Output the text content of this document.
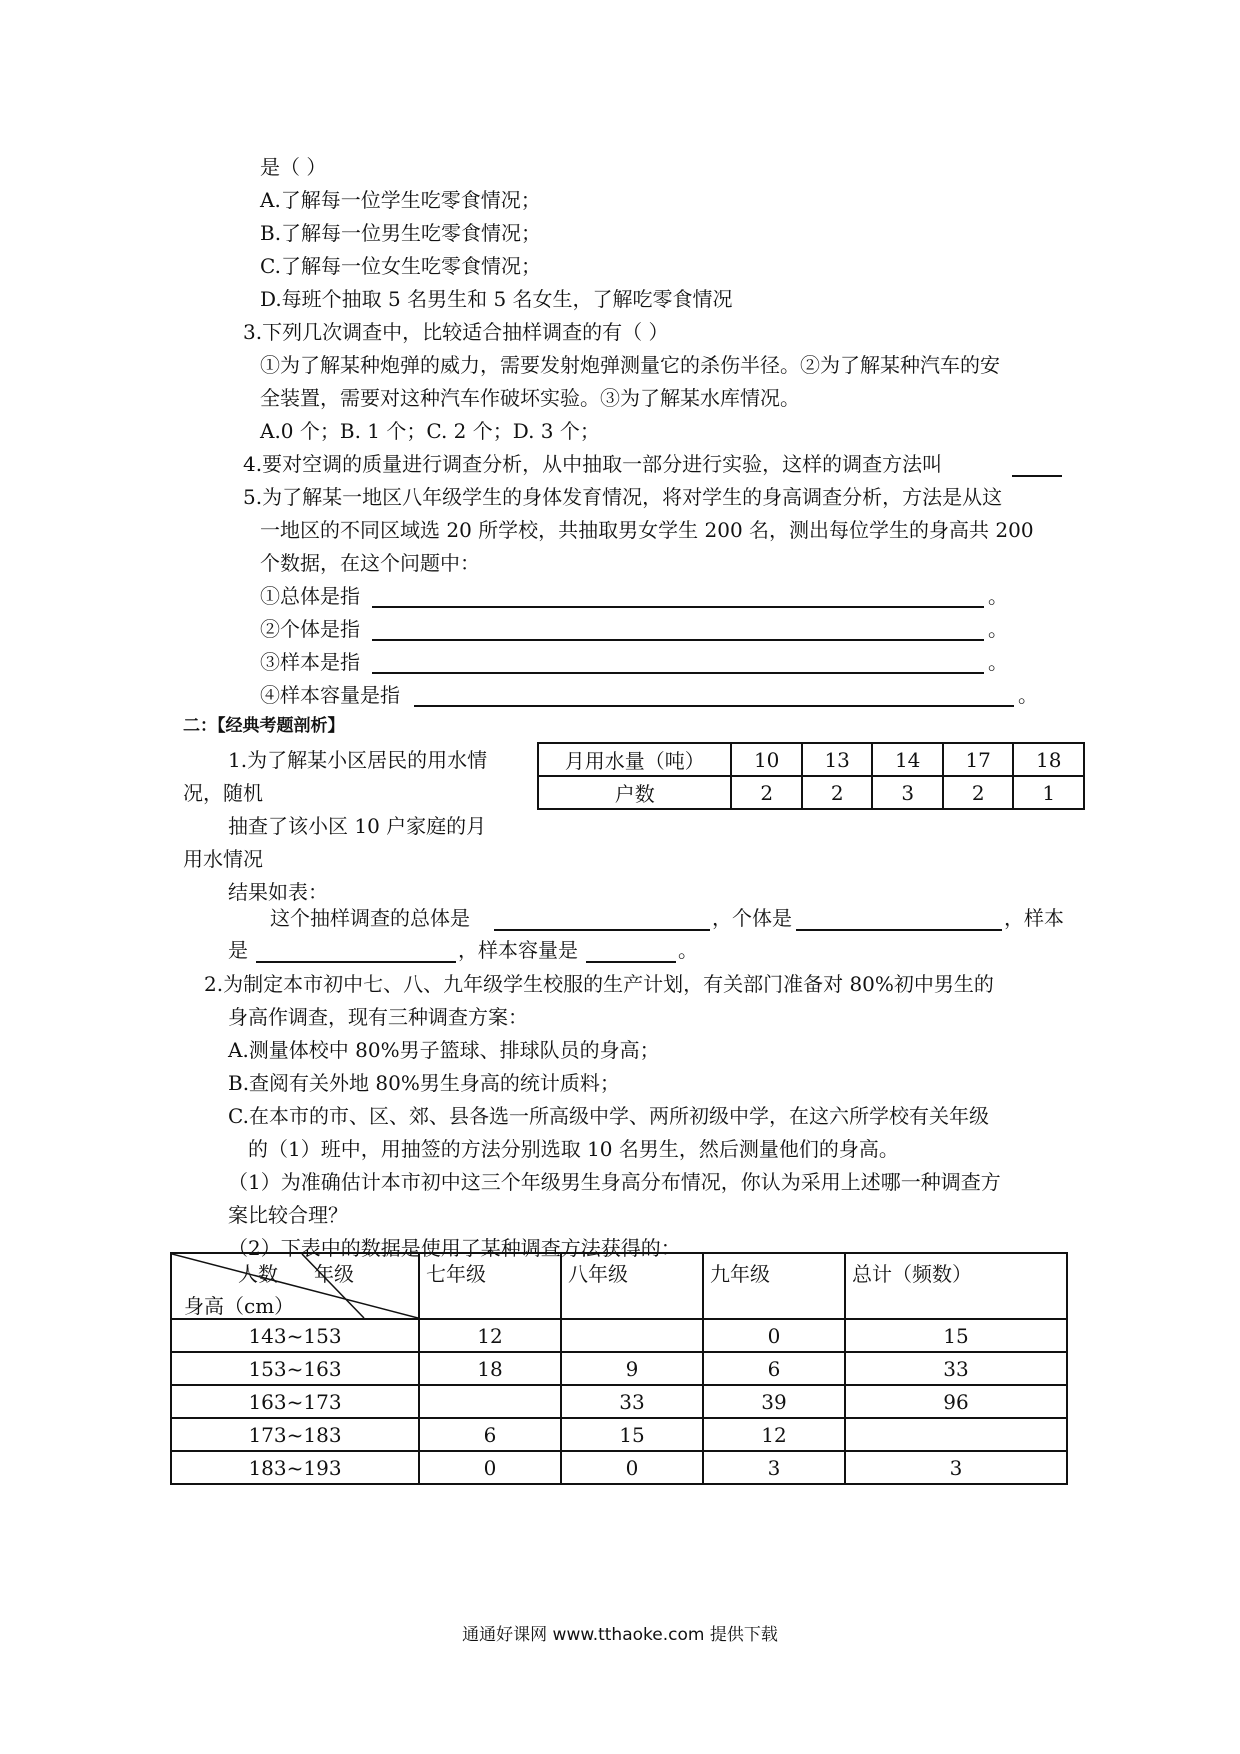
是（ ）
A.了解每一位学生吃零食情况；
B.了解每一位男生吃零食情况；
C.了解每一位女生吃零食情况；
D.每班个抽取 5 名男生和 5 名女生，了解吃零食情况
3.下列几次调查中，比较适合抽样调查的有（ ）
①为了解某种炮弹的威力，需要发射炮弹测量它的杀伤半径。②为了解某种汽车的安
全装置，需要对这种汽车作破坏实验。③为了解某水库情况。
A.0 个；B. 1 个；C. 2 个；D. 3 个；
4.要对空调的质量进行调查分析，从中抽取一部分进行实验，这样的调查方法叫
5.为了解某一地区八年级学生的身体发育情况，将对学生的身高调查分析，方法是从这
一地区的不同区域选 20 所学校，共抽取男女学生 200 名，测出每位学生的身高共 200
个数据，在这个问题中：
①总体是指	。
②个体是指	。
③样本是指	。
④样本容量是指	。
二：【经典考题剖析】
1.为了解某小区居民的用水情
况，随机
抽查了该小区 10 户家庭的月
用水情况
结果如表：
月用水量（吨）	10	13	14	17	18
户数	2	2	3	2	1
这个抽样调查的总体是	，个体是	，样本
是	，样本容量是	。
2.为制定本市初中七、八、九年级学生校服的生产计划，有关部门准备对 80%初中男生的
身高作调查，现有三种调查方案：
A.测量体校中 80%男子篮球、排球队员的身高；
B.查阅有关外地 80%男生身高的统计质料；
C.在本市的市、区、郊、县各选一所高级中学、两所初级中学，在这六所学校有关年级
的（1）班中，用抽签的方法分别选取 10 名男生，然后测量他们的身高。
（1）为准确估计本市初中这三个年级男生身高分布情况，你认为采用上述哪一种调查方
案比较合理？
（2）下表中的数据是使用了某种调查方法获得的：
人数 年级
身高（cm）	七年级	八年级	九年级	总计（频数）
143~153	12		0	15
153~163	18	9	6	33
163~173		33	39	96
173~183	6	15	12	
183~193	0	0	3	3
通通好课网 www.tthaoke.com 提供下载
